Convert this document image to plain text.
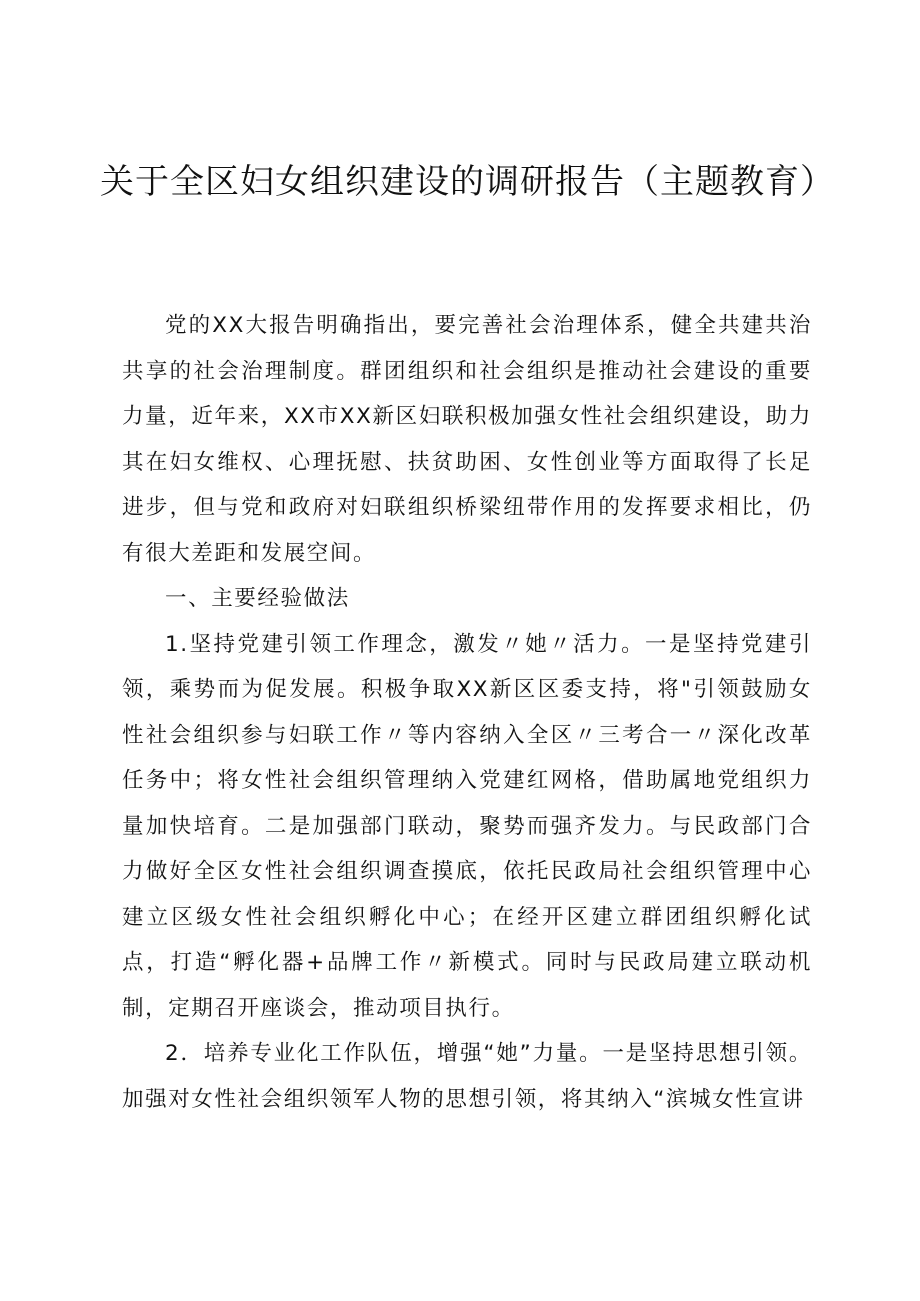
关于全区妇女组织建设的调研报告（主题教育）

党的XX大报告明确指出，要完善社会治理体系，健全共建共治共享的社会治理制度。群团组织和社会组织是推动社会建设的重要力量，近年来，XX市XX新区妇联积极加强女性社会组织建设，助力其在妇女维权、心理抚慰、扶贫助困、女性创业等方面取得了长足进步，但与党和政府对妇联组织桥梁纽带作用的发挥要求相比，仍有很大差距和发展空间。

一、主要经验做法

1.坚持党建引领工作理念，激发〃她〃活力。一是坚持党建引领，乘势而为促发展。积极争取XX新区区委支持，将"引领鼓励女性社会组织参与妇联工作〃等内容纳入全区〃三考合一〃深化改革任务中；将女性社会组织管理纳入党建红网格，借助属地党组织力量加快培育。二是加强部门联动，聚势而强齐发力。与民政部门合力做好全区女性社会组织调查摸底，依托民政局社会组织管理中心建立区级女性社会组织孵化中心；在经开区建立群团组织孵化试点，打造“孵化器+品牌工作〃新模式。同时与民政局建立联动机制，定期召开座谈会，推动项目执行。

2．培养专业化工作队伍，增强“她”力量。一是坚持思想引领。加强对女性社会组织领军人物的思想引领，将其纳入“滨城女性宣讲
